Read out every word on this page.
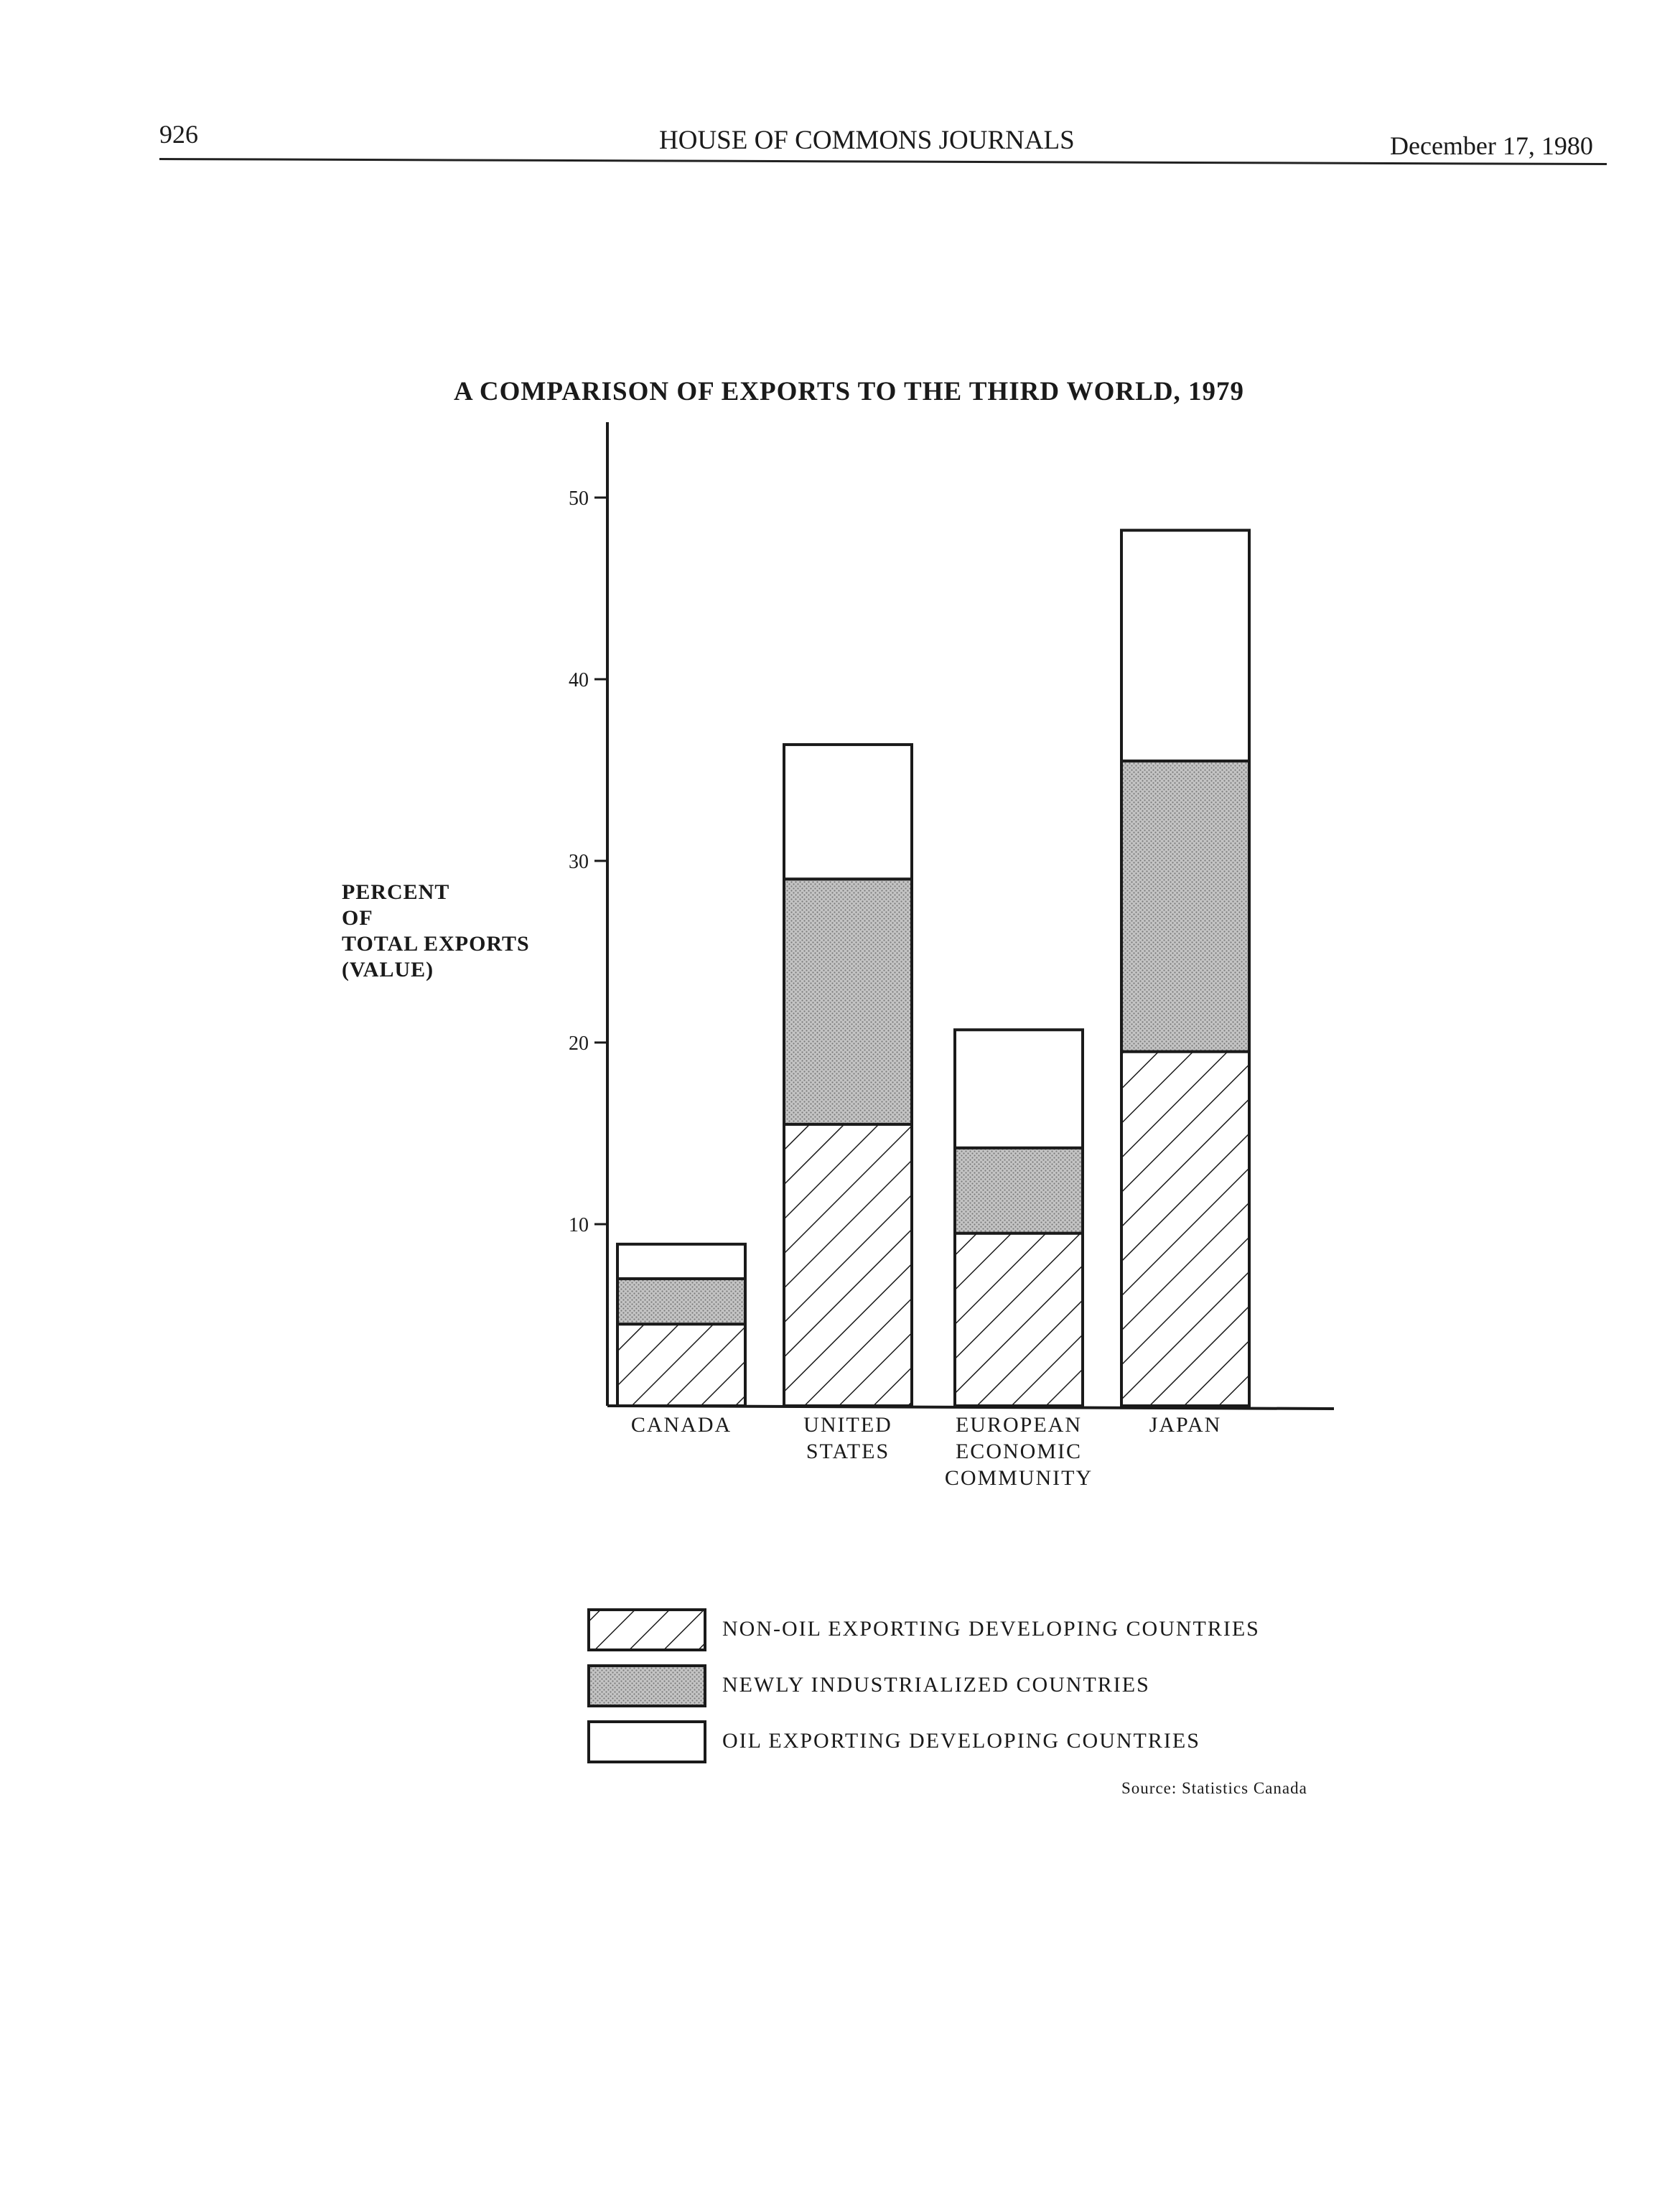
926	HOUSE OF COMMONS JOURNALS	December 17, 1980
A COMPARISON OF EXPORTS TO THE THIRD WORLD, 1979
PERCENT
OF
TOTAL EXPORTS
(VALUE)
10
20
30
40
50
CANADA	UNITED
STATES
EUROPEAN
ECONOMIC
COMMUNITY
JAPAN
NON-OIL EXPORTING DEVELOPING COUNTRIES
NEWLY INDUSTRIALIZED COUNTRIES
OIL EXPORTING DEVELOPING COUNTRIES
Source: Statistics Canada
